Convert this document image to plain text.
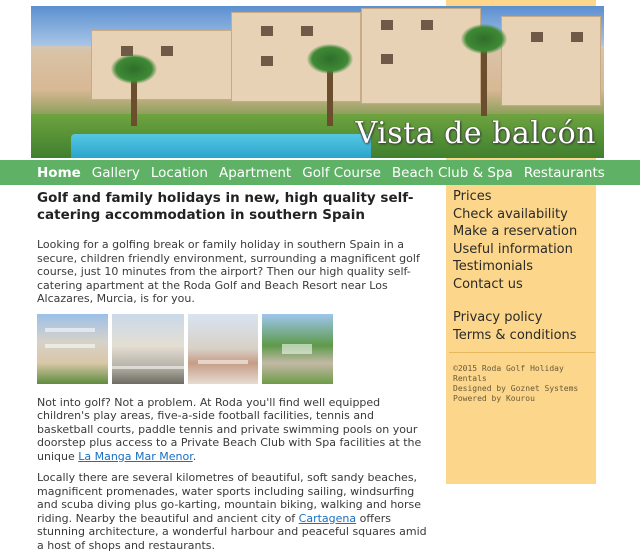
Vista de balcón
Home Gallery Location Apartment Golf Course Beach Club & Spa Restaurants
Golf and family holidays in new, high quality self-catering accommodation in southern Spain

Looking for a golfing break or family holiday in southern Spain in a secure, children friendly environment, surrounding a magnificent golf course, just 10 minutes from the airport? Then our high quality self-catering apartment at the Roda Golf and Beach Resort near Los Alcazares, Murcia, is for you.

Not into golf? Not a problem. At Roda you'll find well equipped children's play areas, five-a-side football facilities, tennis and basketball courts, paddle tennis and private swimming pools on your doorstep plus access to a Private Beach Club with Spa facilities at the unique La Manga Mar Menor.

Locally there are several kilometres of beautiful, soft sandy beaches, magnificent promenades, water sports including sailing, windsurfing and scuba diving plus go-karting, mountain biking, walking and horse riding. Nearby the beautiful and ancient city of Cartagena offers stunning architecture, a wonderful harbour and peaceful squares amid a host of shops and restaurants.

Prices
Check availability
Make a reservation
Useful information
Testimonials
Contact us
Privacy policy
Terms & conditions
©2015 Roda Golf Holiday Rentals
Designed by Goznet Systems
Powered by Kourou
